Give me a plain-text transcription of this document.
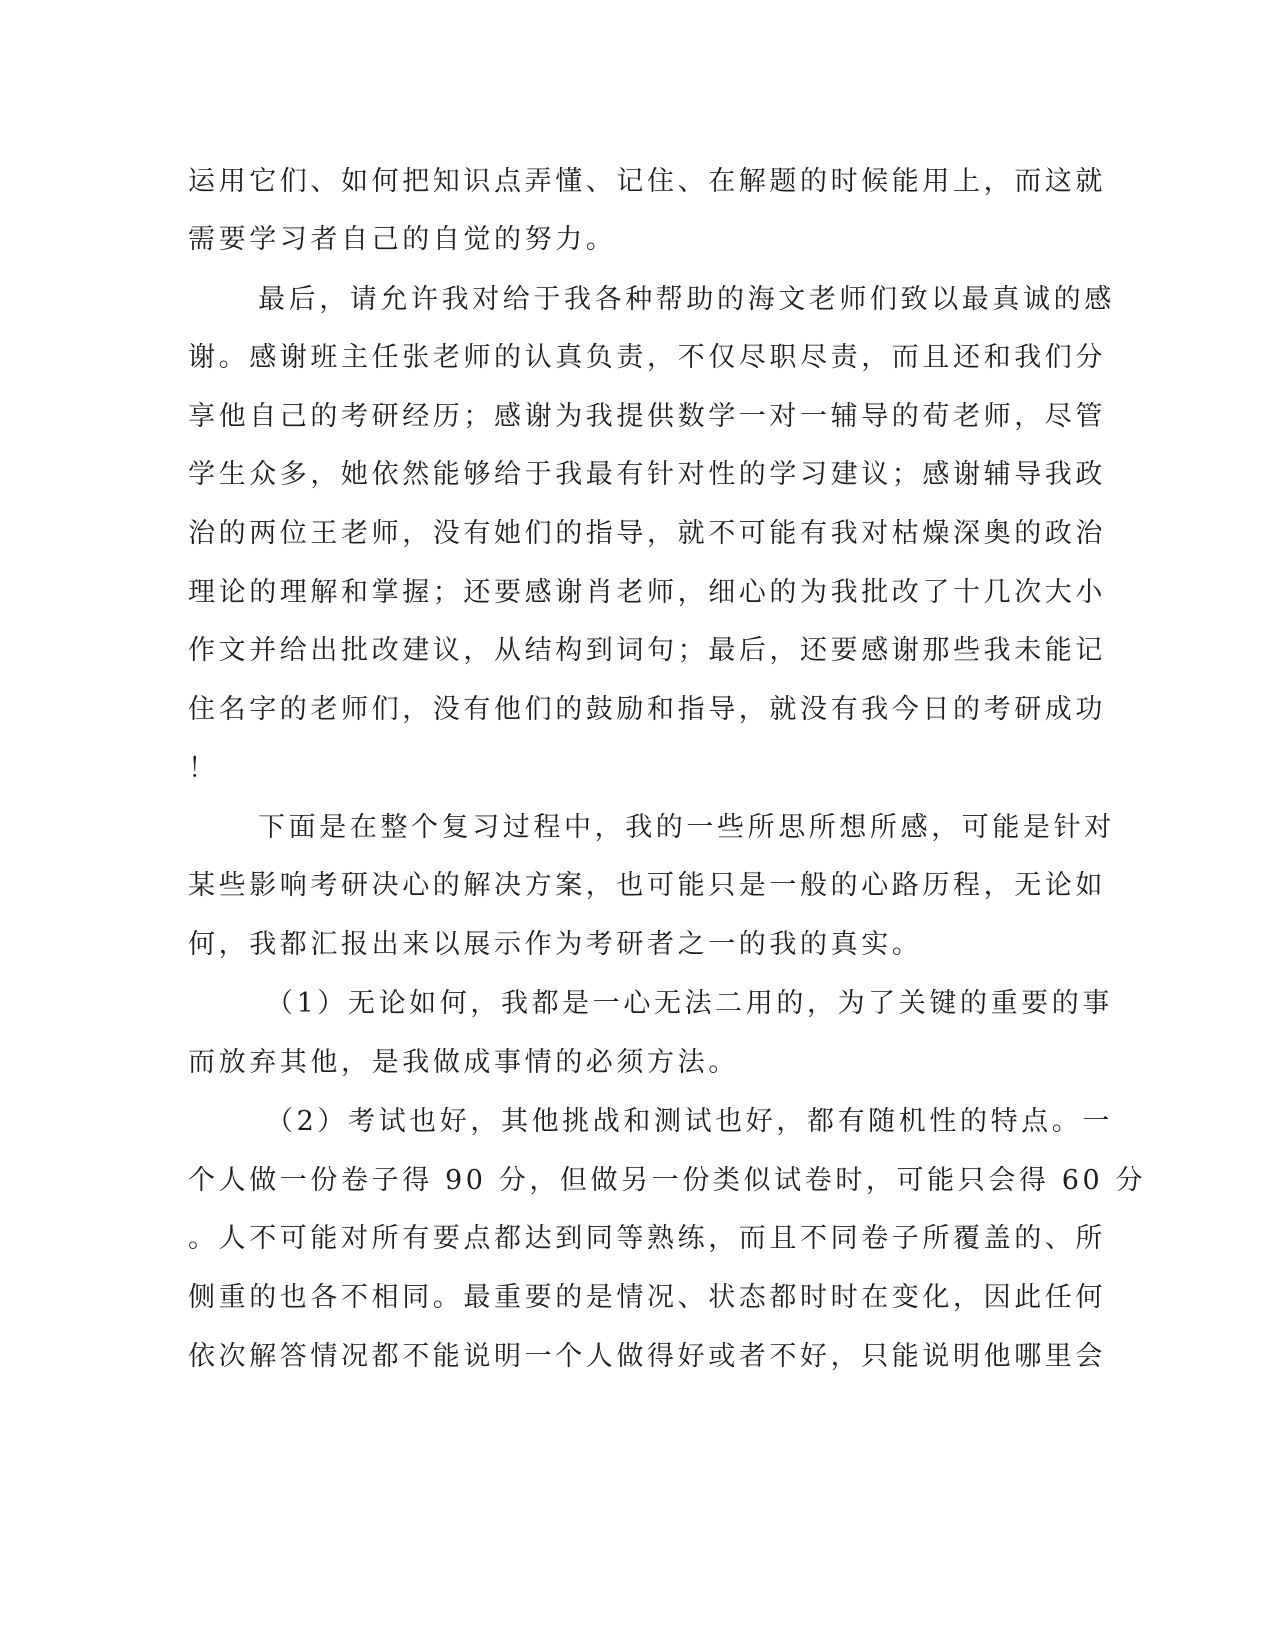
运用它们、如何把知识点弄懂、记住、在解题的时候能用上，而这就

需要学习者自己的自觉的努力。

最后，请允许我对给于我各种帮助的海文老师们致以最真诚的感

谢。感谢班主任张老师的认真负责，不仅尽职尽责，而且还和我们分

享他自己的考研经历；感谢为我提供数学一对一辅导的荀老师，尽管

学生众多，她依然能够给于我最有针对性的学习建议；感谢辅导我政

治的两位王老师，没有她们的指导，就不可能有我对枯燥深奥的政治

理论的理解和掌握；还要感谢肖老师，细心的为我批改了十几次大小

作文并给出批改建议，从结构到词句；最后，还要感谢那些我未能记

住名字的老师们，没有他们的鼓励和指导，就没有我今日的考研成功

！

下面是在整个复习过程中，我的一些所思所想所感，可能是针对

某些影响考研决心的解决方案，也可能只是一般的心路历程，无论如

何，我都汇报出来以展示作为考研者之一的我的真实。

（1）无论如何，我都是一心无法二用的，为了关键的重要的事

而放弃其他，是我做成事情的必须方法。

（2）考试也好，其他挑战和测试也好，都有随机性的特点。一

个人做一份卷子得 90 分，但做另一份类似试卷时，可能只会得 60 分

。人不可能对所有要点都达到同等熟练，而且不同卷子所覆盖的、所

侧重的也各不相同。最重要的是情况、状态都时时在变化，因此任何

依次解答情况都不能说明一个人做得好或者不好，只能说明他哪里会
